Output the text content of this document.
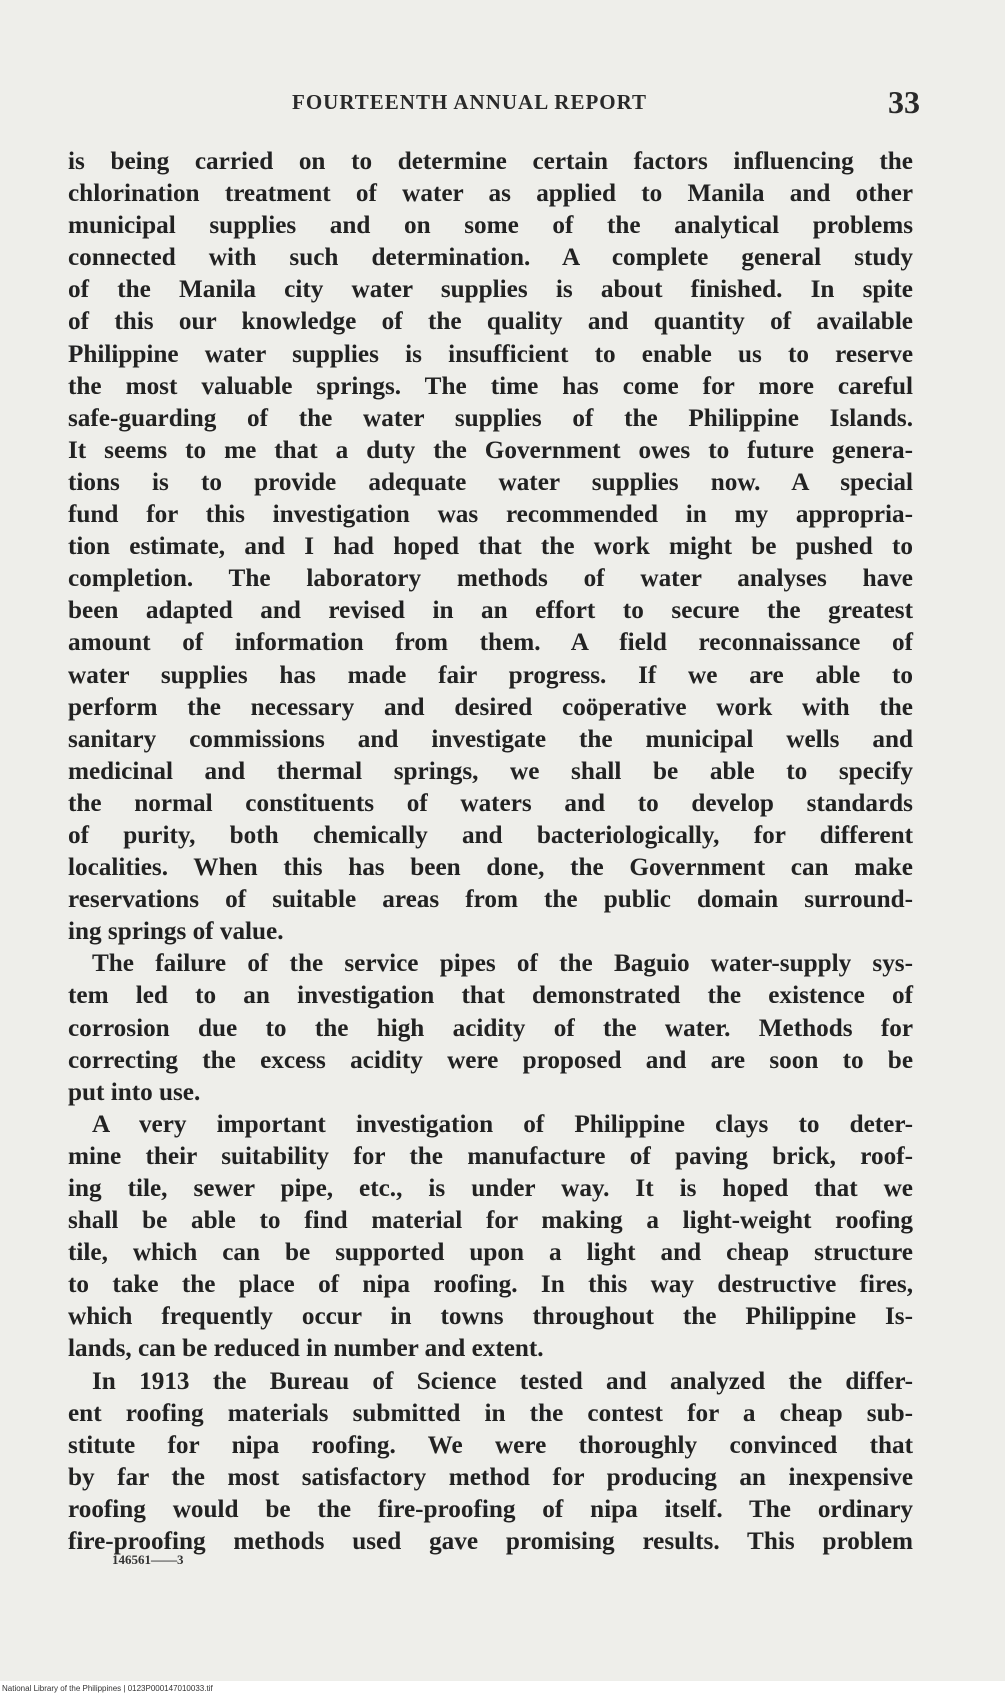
FOURTEENTH ANNUAL REPORT	33
is being carried on to determine certain factors influencing the
chlorination treatment of water as applied to Manila and other
municipal supplies and on some of the analytical problems
connected with such determination. A complete general study
of the Manila city water supplies is about finished. In spite
of this our knowledge of the quality and quantity of available
Philippine water supplies is insufficient to enable us to reserve
the most valuable springs. The time has come for more careful
safe-guarding of the water supplies of the Philippine Islands.
It seems to me that a duty the Government owes to future genera-
tions is to provide adequate water supplies now. A special
fund for this investigation was recommended in my appropria-
tion estimate, and I had hoped that the work might be pushed to
completion. The laboratory methods of water analyses have
been adapted and revised in an effort to secure the greatest
amount of information from them. A field reconnaissance of
water supplies has made fair progress. If we are able to
perform the necessary and desired coöperative work with the
sanitary commissions and investigate the municipal wells and
medicinal and thermal springs, we shall be able to specify
the normal constituents of waters and to develop standards
of purity, both chemically and bacteriologically, for different
localities. When this has been done, the Government can make
reservations of suitable areas from the public domain surround-
ing springs of value.
The failure of the service pipes of the Baguio water-supply sys-
tem led to an investigation that demonstrated the existence of
corrosion due to the high acidity of the water. Methods for
correcting the excess acidity were proposed and are soon to be
put into use.
A very important investigation of Philippine clays to deter-
mine their suitability for the manufacture of paving brick, roof-
ing tile, sewer pipe, etc., is under way. It is hoped that we
shall be able to find material for making a light-weight roofing
tile, which can be supported upon a light and cheap structure
to take the place of nipa roofing. In this way destructive fires,
which frequently occur in towns throughout the Philippine Is-
lands, can be reduced in number and extent.
In 1913 the Bureau of Science tested and analyzed the differ-
ent roofing materials submitted in the contest for a cheap sub-
stitute for nipa roofing. We were thoroughly convinced that
by far the most satisfactory method for producing an inexpensive
roofing would be the fire-proofing of nipa itself. The ordinary
fire-proofing methods used gave promising results. This problem
146561——3
National Library of the Philippines | 0123P000147010033.tif
